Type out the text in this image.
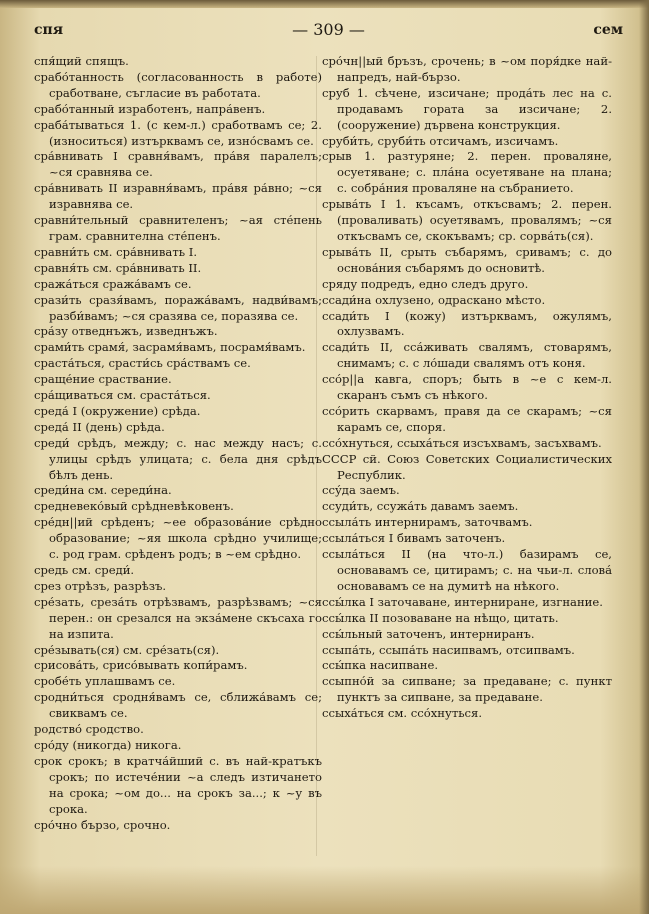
спя	— 309 —	сем

спя́щий спящъ.

срабо́танность (согласованность в работе) сработване, съгласие въ работата.

срабо́танный изработенъ, напра́венъ.

сраба́тываться 1. (с кем-л.) сработвамъ се; 2. (износиться) изтърквамъ се, изно́свамъ се.

сра́внивать I сравня́вамъ, пра́вя паралелъ; ~ся сравнява се.

сра́внивать II изравня́вамъ, пра́вя ра́вно; ~ся изравнява се.

сравни́тельный сравнителенъ; ~ая сте́пень грам. сравнителна сте́пенъ.

сравни́ть см. сра́внивать I.

сравня́ть см. сра́внивать II.

сража́ться сража́вамъ се.

срази́ть сразя́вамъ, поража́вамъ, надви́вамъ; разби́вамъ; ~ся сразява се, поразява се.

сра́зу отведнъжъ, изведнъжъ.

срами́ть срамя́, засрамя́вамъ, посрамя́вамъ.

сраста́ться, срасти́сь сра́ствамъ се.

сраще́ние сраствание.

сра́щиваться см. сраста́ться.

среда́ I (окружение) срѣда.

среда́ II (день) срѣда.

среди́ срѣдъ, между; с. нас между насъ; с. улицы срѣдъ улицата; с. бела дня срѣдъ бѣлъ день.

среди́на см. середи́на.

средневеко́вый срѣдневѣковенъ.

сре́дн||ий срѣденъ; ~ее образова́ние срѣдно образование; ~яя школа срѣдно училище; с. род грам. срѣденъ родъ; в ~ем срѣдно.

средь см. среди́.

срез отрѣзъ, разрѣзъ.

сре́зать, среза́ть отрѣзвамъ, разрѣзвамъ; ~ся перен.: он срезался на экза́мене скъсаха го на изпита.

сре́зывать(ся) см. сре́зать(ся).

срисова́ть, срисо́вывать копи́рамъ.

сробе́ть уплашвамъ се.

сродни́ться сродня́вамъ се, сближа́вамъ се; свиквамъ се.

родство́ сродство.

сро́ду (никогда) никога.

срок срокъ; в кратча́йший с. въ най-кратъкъ срокъ; по истече́нии ~а следъ изтичането на срока; ~ом до... на срокъ за...; к ~у въ срока.

сро́чно бързо, срочно.

сро́чн||ый бръзъ, срочень; в ~ом поря́дке най-напредъ, най-бързо.

сруб 1. сѣчене, изсичане; прода́ть лес на с. продавамъ гората за изсичане; 2. (сооружение) дървена конструкция.

сруби́ть, сруби́ть отсичамъ, изсичамъ.

срыв 1. разтуряне; 2. перен. проваляне, осуетяване; с. пла́на осуетяване на плана; с. собра́ния проваляне на събранието.

срыва́ть I 1. късамъ, откъсвамъ; 2. перен. (проваливать) осуетявамъ, провалямъ; ~ся откъсвамъ се, скокъвамъ; ср. сорва́ть(ся).

срыва́ть II, срыть събарямъ, сривамъ; с. до основа́ния събарямъ до основитѣ.

сряду подредъ, едно следъ друго.

ссади́на охлузено, одраскано мѣсто.

ссади́ть I (кожу) изтърквамъ, ожулямъ, охлузвамъ.

ссади́ть II, сса́живать свалямъ, стоварямъ, снимамъ; с. с ло́шади свалямъ отъ коня.

ссо́р||а кавга, споръ; быть в ~е с кем-л. скаранъ съмъ съ нѣкого.

ссо́рить скарвамъ, правя да се скарамъ; ~ся карамъ се, споря.

ссо́хнуться, ссыха́ться изсъхвамъ, засъхвамъ.

СССР сй. Союз Советских Социалистических Республик.

ссу́да заемъ.

ссуди́ть, ссужа́ть давамъ заемъ.

ссыла́ть интернирамъ, заточвамъ.

ссыла́ться I бивамъ заточенъ.

ссыла́ться II (на что-л.) базирамъ се, основавамъ се, цитирамъ; с. на чьи-л. слова́ основавамъ се на думитѣ на нѣкого.

ссы́лка I заточаване, интерниране, изгнание.

ссы́лка II позоваване на нѣщо, цитать.

ссы́льный заточенъ, интерниранъ.

ссыпа́ть, ссыпа́ть насипвамъ, отсипвамъ.

ссы́пка насипване.

ссыпно́й за сипване; за предаване; с. пункт пунктъ за сипване, за предаване.

ссыха́ться см. ссо́хнуться.
